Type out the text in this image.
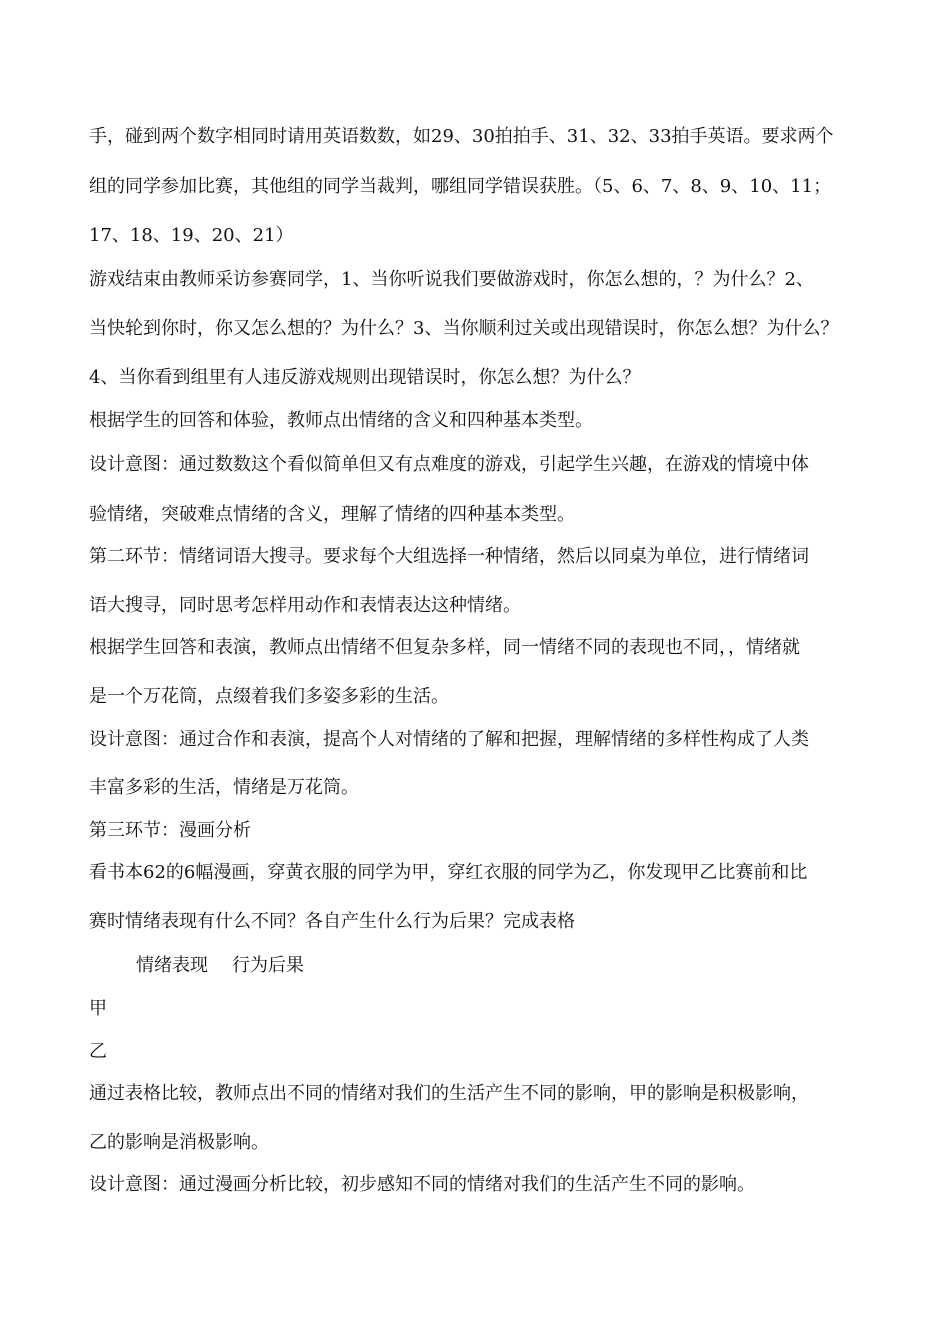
手，碰到两个数字相同时请用英语数数，如29、30拍拍手、31、32、33拍手英语。要求两个

组的同学参加比赛，其他组的同学当裁判，哪组同学错误获胜。（5、6、7、8、9、10、11；

17、18、19、20、21）

游戏结束由教师采访参赛同学，1、当你听说我们要做游戏时，你怎么想的，？为什么？2、

当快轮到你时，你又怎么想的？为什么？3、当你顺利过关或出现错误时，你怎么想？为什么？

4、当你看到组里有人违反游戏规则出现错误时，你怎么想？为什么？

根据学生的回答和体验，教师点出情绪的含义和四种基本类型。

设计意图：通过数数这个看似简单但又有点难度的游戏，引起学生兴趣，在游戏的情境中体

验情绪，突破难点情绪的含义，理解了情绪的四种基本类型。

第二环节：情绪词语大搜寻。要求每个大组选择一种情绪，然后以同桌为单位，进行情绪词

语大搜寻，同时思考怎样用动作和表情表达这种情绪。

根据学生回答和表演，教师点出情绪不但复杂多样，同一情绪不同的表现也不同，，情绪就

是一个万花筒，点缀着我们多姿多彩的生活。

设计意图：通过合作和表演，提高个人对情绪的了解和把握，理解情绪的多样性构成了人类

丰富多彩的生活，情绪是万花筒。

第三环节：漫画分析

看书本62的6幅漫画，穿黄衣服的同学为甲，穿红衣服的同学为乙，你发现甲乙比赛前和比

赛时情绪表现有什么不同？各自产生什么行为后果？完成表格

情绪表现 行为后果

甲

乙

通过表格比较，教师点出不同的情绪对我们的生活产生不同的影响，甲的影响是积极影响，

乙的影响是消极影响。

设计意图：通过漫画分析比较，初步感知不同的情绪对我们的生活产生不同的影响。
